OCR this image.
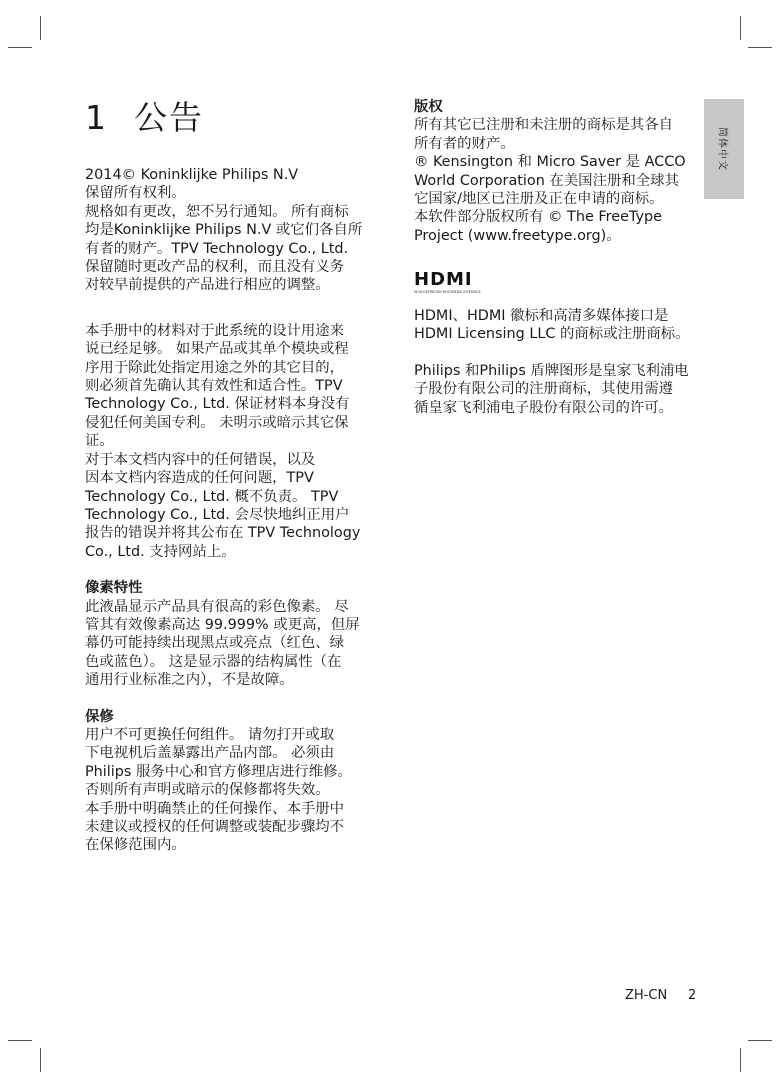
1 公告
简体中文

2014© Koninklijke Philips N.V

保留所有权利。

规格如有更改，恕不另行通知。 所有商标

均是Koninklijke Philips N.V 或它们各自所

有者的财产。TPV Technology Co., Ltd.

保留随时更改产品的权利，而且没有义务

对较早前提供的产品进行相应的调整。

本手册中的材料对于此系统的设计用途来

说已经足够。 如果产品或其单个模块或程

序用于除此处指定用途之外的其它目的，

则必须首先确认其有效性和适合性。TPV

Technology Co., Ltd. 保证材料本身没有

侵犯任何美国专利。 未明示或暗示其它保

证。

对于本文档内容中的任何错误，以及

因本文档内容造成的任何问题，TPV

Technology Co., Ltd. 概不负责。 TPV

Technology Co., Ltd. 会尽快地纠正用户

报告的错误并将其公布在 TPV Technology

Co., Ltd. 支持网站上。

像素特性

此液晶显示产品具有很高的彩色像素。 尽

管其有效像素高达 99.999% 或更高，但屏

幕仍可能持续出现黑点或亮点（红色、绿

色或蓝色）。 这是显示器的结构属性（在

通用行业标准之内），不是故障。

保修

用户不可更换任何组件。 请勿打开或取

下电视机后盖暴露出产品内部。 必须由

Philips 服务中心和官方修理店进行维修。

否则所有声明或暗示的保修都将失效。

本手册中明确禁止的任何操作、本手册中

未建议或授权的任何调整或装配步骤均不

在保修范围内。

版权

所有其它已注册和未注册的商标是其各自

所有者的财产。

® Kensington 和 Micro Saver 是 ACCO

World Corporation 在美国注册和全球其

它国家/地区已注册及正在申请的商标。

本软件部分版权所有 © The FreeType

Project (www.freetype.org)。

HDMI
HIGH-DEFINITION MULTIMEDIA INTERFACE

HDMI、HDMI 徽标和高清多媒体接口是

HDMI Licensing LLC 的商标或注册商标。

Philips 和Philips 盾牌图形是皇家飞利浦电

子股份有限公司的注册商标，其使用需遵

循皇家飞利浦电子股份有限公司的许可。

ZH-CN 2
